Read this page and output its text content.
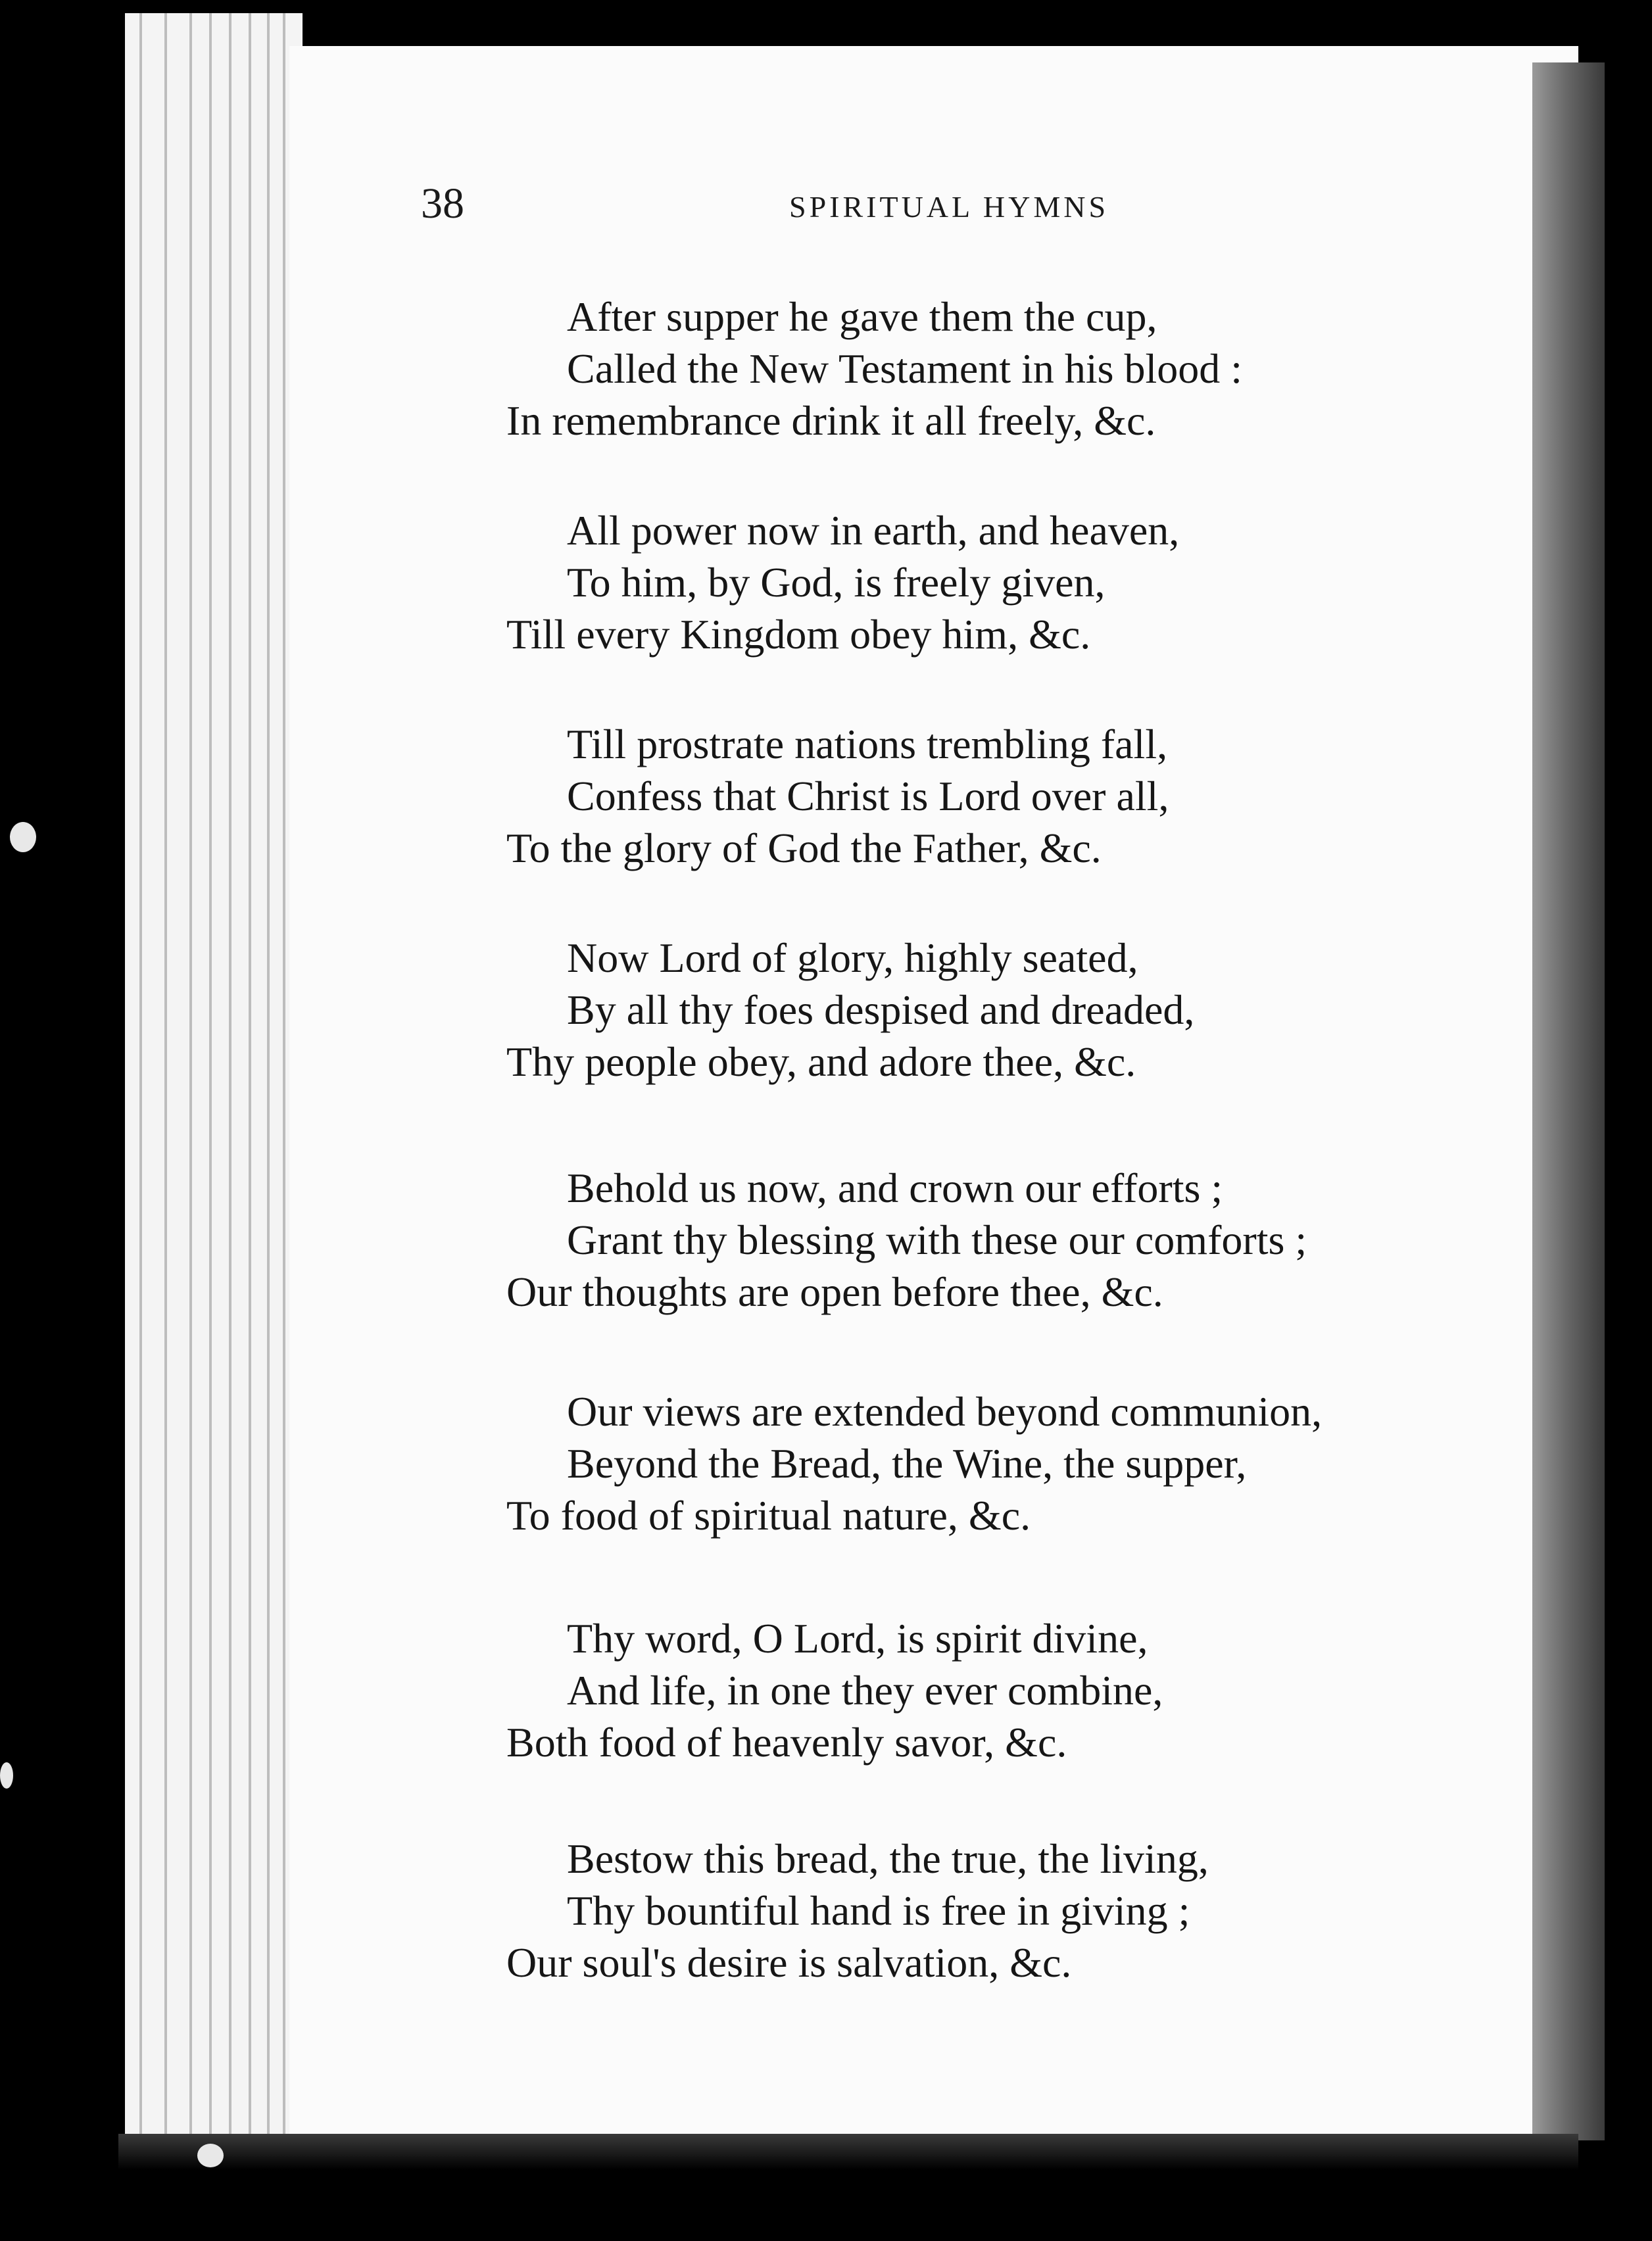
38	SPIRITUAL HYMNS
After supper he gave them the cup,
Called the New Testament in his blood :
In remembrance drink it all freely, &c.
All power now in earth, and heaven,
To him, by God, is freely given,
Till every Kingdom obey him, &c.
Till prostrate nations trembling fall,
Confess that Christ is Lord over all,
To the glory of God the Father, &c.
Now Lord of glory, highly seated,
By all thy foes despised and dreaded,
Thy people obey, and adore thee, &c.
Behold us now, and crown our efforts ;
Grant thy blessing with these our comforts ;
Our thoughts are open before thee, &c.
Our views are extended beyond communion,
Beyond the Bread, the Wine, the supper,
To food of spiritual nature, &c.
Thy word, O Lord, is spirit divine,
And life, in one they ever combine,
Both food of heavenly savor, &c.
Bestow this bread, the true, the living,
Thy bountiful hand is free in giving ;
Our soul's desire is salvation, &c.
